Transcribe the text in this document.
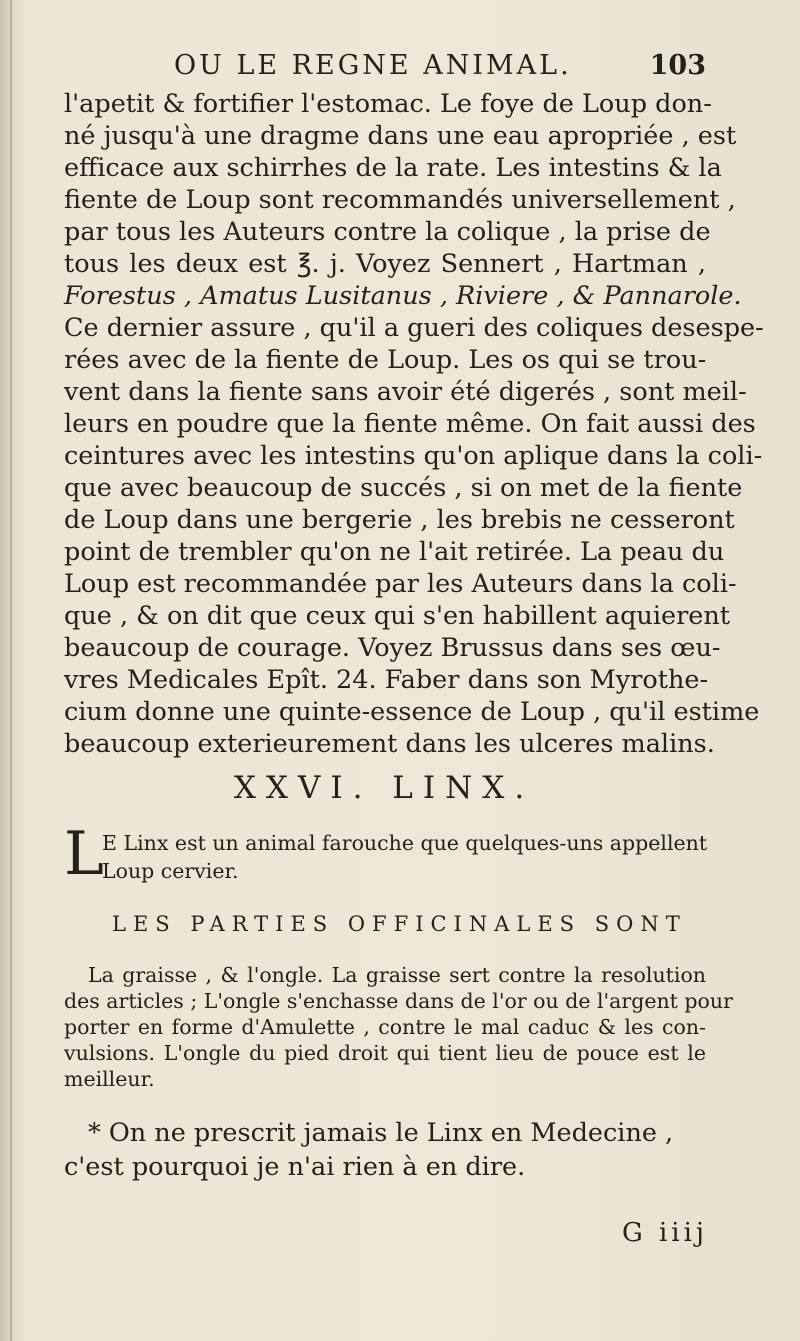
OU LE REGNE ANIMAL.	103
l'apetit & fortifier l'estomac. Le foye de Loup don-
né jusqu'à une dragme dans une eau apropriée , est
efficace aux schirrhes de la rate. Les intestins & la
fiente de Loup sont recommandés universellement ,
par tous les Auteurs contre la colique , la prise de
tous les deux est ℥. j. Voyez Sennert , Hartman ,
Forestus , Amatus Lusitanus , Riviere , & Pannarole.
Ce dernier assure , qu'il a gueri des coliques desespe-
rées avec de la fiente de Loup. Les os qui se trou-
vent dans la fiente sans avoir été digerés , sont meil-
leurs en poudre que la fiente même. On fait aussi des
ceintures avec les intestins qu'on aplique dans la coli-
que avec beaucoup de succés , si on met de la fiente
de Loup dans une bergerie , les brebis ne cesseront
point de trembler qu'on ne l'ait retirée. La peau du
Loup est recommandée par les Auteurs dans la coli-
que , & on dit que ceux qui s'en habillent aquierent
beaucoup de courage. Voyez Brussus dans ses œu-
vres Medicales Epît. 24. Faber dans son Myrothe-
cium donne une quinte-essence de Loup , qu'il estime
beaucoup exterieurement dans les ulceres malins.
XXVI. LINX.
L
E Linx est un animal farouche que quelques-uns appellent
Loup cervier.
LES PARTIES OFFICINALES SONT
La graisse , & l'ongle. La graisse sert contre la resolution
des articles ; L'ongle s'enchasse dans de l'or ou de l'argent pour
porter en forme d'Amulette , contre le mal caduc & les con-
vulsions. L'ongle du pied droit qui tient lieu de pouce est le
meilleur.
* On ne prescrit jamais le Linx en Medecine ,
c'est pourquoi je n'ai rien à en dire.
G iiij
